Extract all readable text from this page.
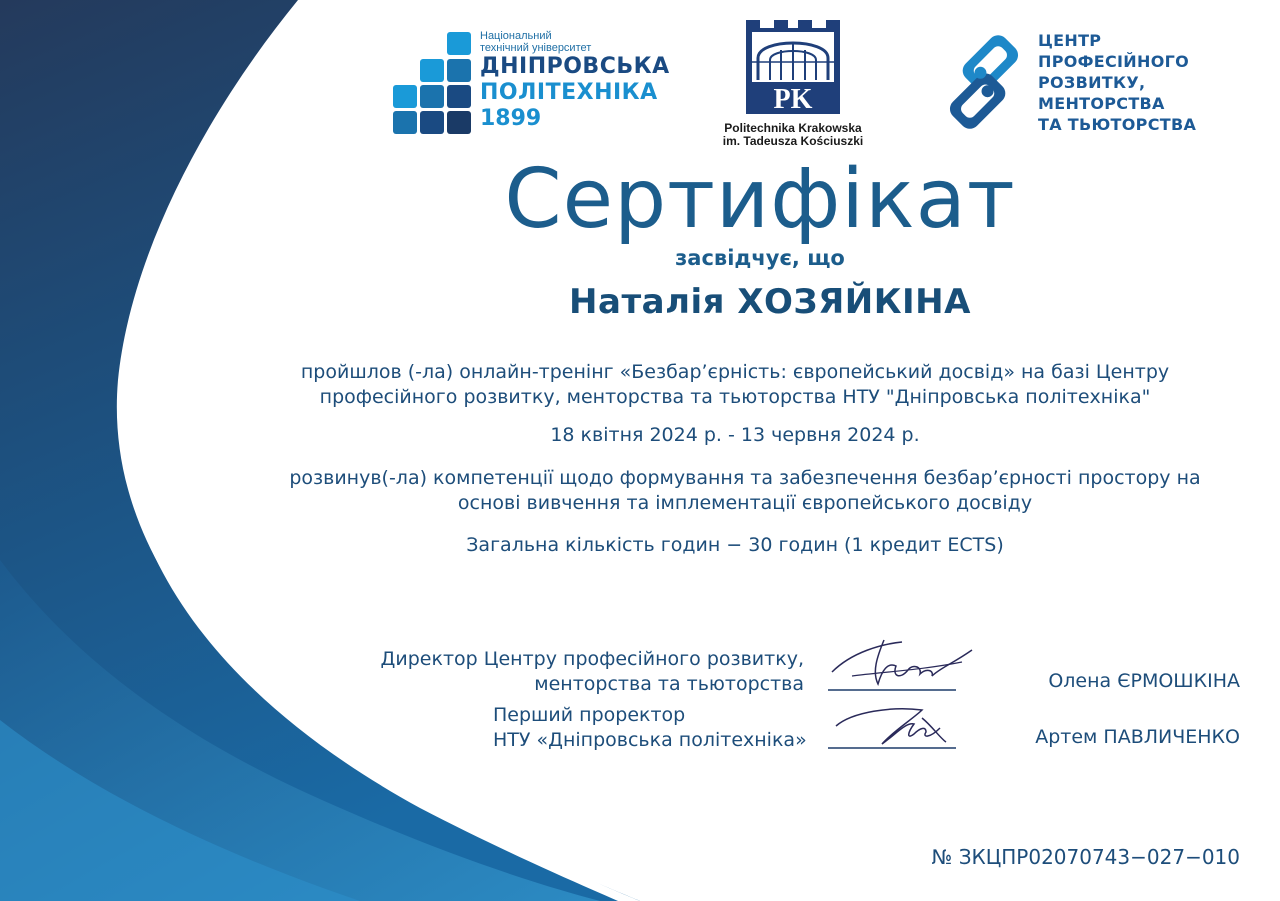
Національний
технічний університет
ДНІПРОВСЬКА
ПОЛІТЕХНІКА
1899
PK
Politechnika Krakowska
im. Tadeusza Kościuszki
ЦЕНТР
ПРОФЕСІЙНОГО
РОЗВИТКУ,
МЕНТОРСТВА
ТА ТЬЮТОРСТВА
Сертифікат
засвідчує, що
Наталія ХОЗЯЙКІНА
пройшлов (-ла) онлайн-тренінг «Безбар’єрність: європейський досвід» на базі Центру
професійного розвитку, менторства та тьюторства НТУ "Дніпровська політехніка"
18 квітня 2024 р. - 13 червня 2024 р.
розвинув(-ла) компетенції щодо формування та забезпечення безбар’єрності простору на
основі вивчення та імплементації європейського досвіду
Загальна кількість годин − 30 годин (1 кредит ECTS)
Директор Центру професійного розвитку,
менторства та тьюторства	Олена ЄРМОШКІНА
Перший проректор
НТУ «Дніпровська політехніка»	Артем ПАВЛИЧЕНКО
№ ЗКЦПР02070743−027−010
